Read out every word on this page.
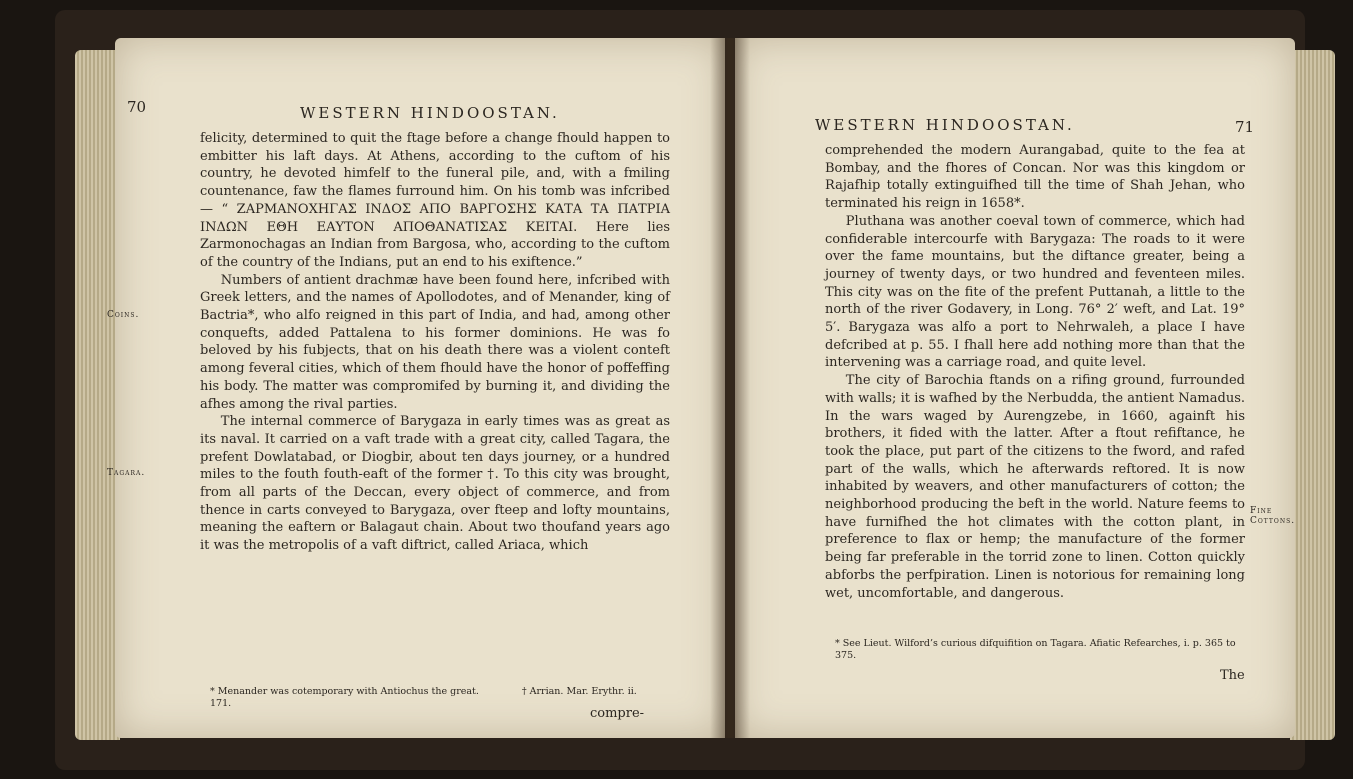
70	WESTERN HINDOOSTAN.
Coins.
Tagara.

felicity, determined to quit the ftage before a change fhould happen to embitter his laft days. At Athens, according to the cuftom of his country, he devoted himfelf to the funeral pile, and, with a fmiling countenance, faw the flames furround him. On his tomb was infcribed — “ ΖΑΡΜΑΝΟΧΗΓΑΣ ΙΝΔΟΣ ΑΠΟ ΒΑΡΓΟΣΗΣ ΚΑΤΑ ΤΑ ΠΑΤΡΙΑ ΙΝΔΩΝ ΕΘΗ ΕΑΥΤΟΝ ΑΠΟΘΑΝΑΤΙΣΑΣ ΚΕΙΤΑΙ. Here lies Zarmonochagas an Indian from Bargosa, who, according to the cuftom of the country of the Indians, put an end to his exiftence.”

Numbers of antient drachmæ have been found here, infcribed with Greek letters, and the names of Apollodotes, and of Menander, king of Bactria*, who alfo reigned in this part of India, and had, among other conquefts, added Pattalena to his former dominions. He was fo beloved by his fubjects, that on his death there was a violent conteft among feveral cities, which of them fhould have the honor of poffeffing his body. The matter was compromifed by burning it, and dividing the afhes among the rival parties.

The internal commerce of Barygaza in early times was as great as its naval. It carried on a vaft trade with a great city, called Tagara, the prefent Dowlatabad, or Diogbir, about ten days journey, or a hundred miles to the fouth fouth-eaft of the former †. To this city was brought, from all parts of the Deccan, every object of commerce, and from thence in carts conveyed to Barygaza, over fteep and lofty mountains, meaning the eaftern or Balagaut chain. About two thoufand years ago it was the metropolis of a vaft diftrict, called Ariaca, which

* Menander was cotemporary with Antiochus the great.	† Arrian. Mar. Erythr. ii. 171.
compre-
WESTERN HINDOOSTAN.	71

comprehended the modern Aurangabad, quite to the fea at Bombay, and the fhores of Concan. Nor was this kingdom or Rajafhip totally extinguifhed till the time of Shah Jehan, who terminated his reign in 1658*.

Pluthana was another coeval town of commerce, which had confiderable intercourfe with Barygaza: The roads to it were over the fame mountains, but the diftance greater, being a journey of twenty days, or two hundred and feventeen miles. This city was on the fite of the prefent Puttanah, a little to the north of the river Godavery, in Long. 76° 2′ weft, and Lat. 19° 5′. Barygaza was alfo a port to Nehrwaleh, a place I have defcribed at p. 55. I fhall here add nothing more than that the intervening was a carriage road, and quite level.

The city of Barochia ftands on a rifing ground, furrounded with walls; it is wafhed by the Nerbudda, the antient Namadus. In the wars waged by Aurengzebe, in 1660, againft his brothers, it fided with the latter. After a ftout refiftance, he took the place, put part of the citizens to the fword, and rafed part of the walls, which he afterwards reftored. It is now inhabited by weavers, and other manufacturers of cotton; the neighborhood producing the beft in the world. Nature feems to have furnifhed the hot climates with the cotton plant, in preference to flax or hemp; the manufacture of the former being far preferable in the torrid zone to linen. Cotton quickly abforbs the perfpiration. Linen is notorious for remaining long wet, uncomfortable, and dangerous.

Fine Cottons.
* See Lieut. Wilford’s curious difquifition on Tagara. Afiatic Refearches, i. p. 365 to 375.
The
